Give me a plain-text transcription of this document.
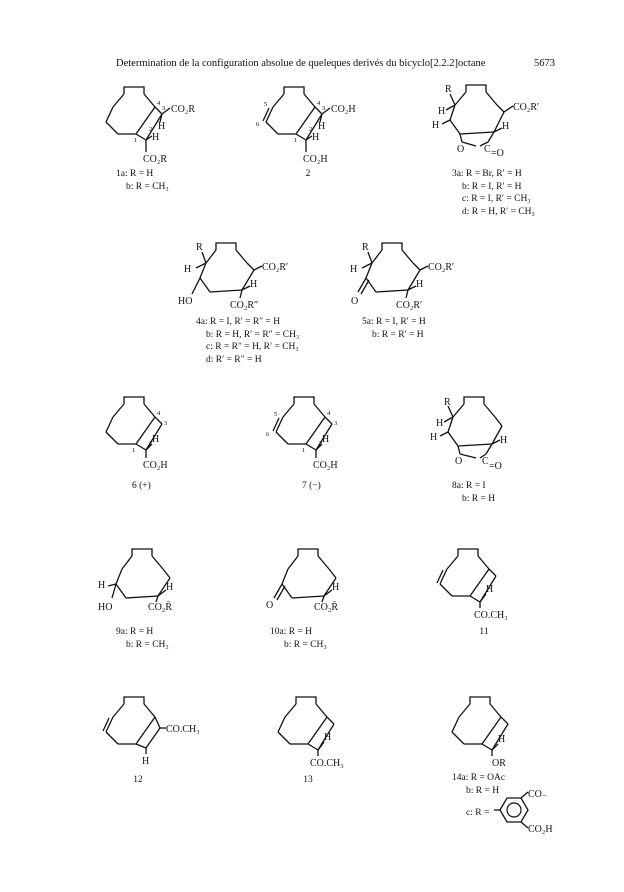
Determination de la configuration absolue de queleques derivés du bicyclo[2.2.2]octane	5673
CO₂R
H
H
CO₂R
4
3
2
1
1a: R = H
b: R = CH₃
CO₂H
H
H
CO₂H
5
6
4
3
2
1
2
R
H
H
CO₂R′
H
O C =O
3a: R = Br, R′ = H
b: R = I, R′ = H
c: R = I, R′ = CH₃
d: R = H, R′ = CH₃
R
H	CO₂R′
H
HO	CO₂R″
4a: R = I, R′ = R″ = H
b: R = H, R′ = R″ = CH₃
c: R = R″ = H, R′ = CH₃
d: R′ = R″ = H
R
H	CO₂R′
H
O	CO₂R′
5a: R = I, R′ = H
b: R = R′ = H
H
CO₂H
4
3
2
1
6 (+)
H
CO₂H
5
6
4
3
2
1
7 (−)
R
H
H	H
O C =O
8a: R = I
b: R = H
H	H
HO	CO₂R̄
9a: R = H
b: R = CH₃
H
O	CO₂R̄
10a: R = H
b: R = CH₃
H
CO.CH₃
11
CO.CH₃
H
12
H
CO.CH₃
13
H
OR
14a: R = OAc
b: R = H
c: R =
CO₋
CO₂H
